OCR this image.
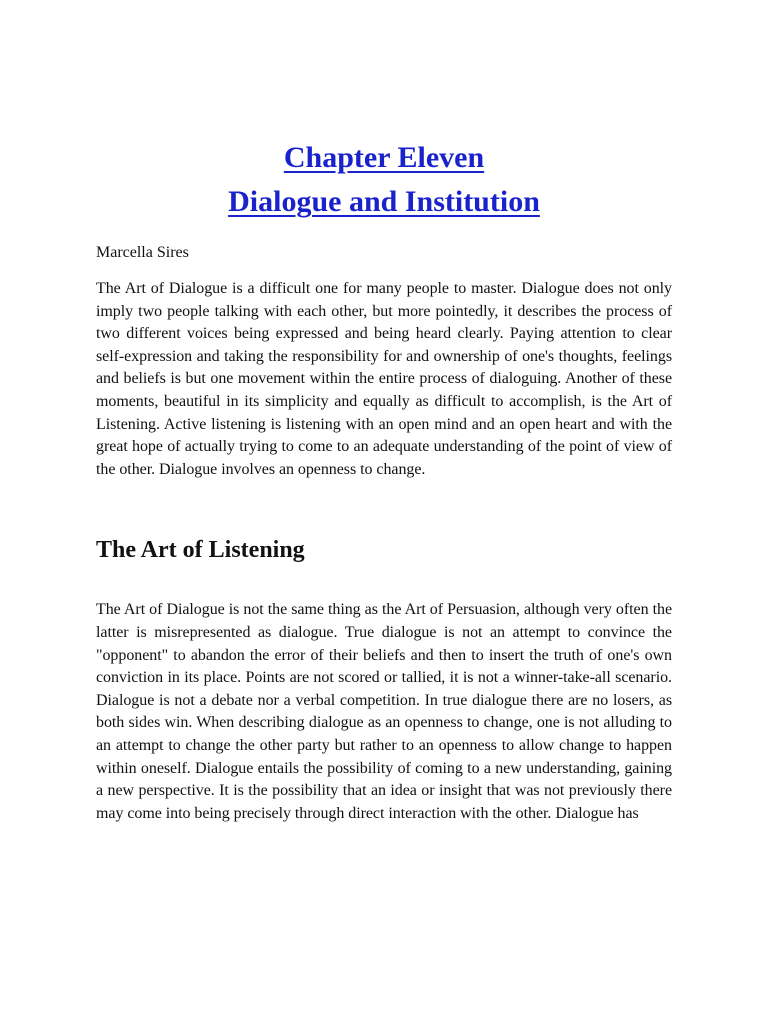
Chapter Eleven
Dialogue and Institution
Marcella Sires
The Art of Dialogue is a difficult one for many people to master. Dialogue does not only imply two people talking with each other, but more pointedly, it describes the process of two different voices being expressed and being heard clearly. Paying attention to clear self-expression and taking the responsibility for and ownership of one's thoughts, feelings and beliefs is but one movement within the entire process of dialoguing. Another of these moments, beautiful in its simplicity and equally as difficult to accomplish, is the Art of Listening. Active listening is listening with an open mind and an open heart and with the great hope of actually trying to come to an adequate understanding of the point of view of the other. Dialogue involves an openness to change.
The Art of Listening
The Art of Dialogue is not the same thing as the Art of Persuasion, although very often the latter is misrepresented as dialogue. True dialogue is not an attempt to convince the "opponent" to abandon the error of their beliefs and then to insert the truth of one's own conviction in its place. Points are not scored or tallied, it is not a winner-take-all scenario. Dialogue is not a debate nor a verbal competition. In true dialogue there are no losers, as both sides win. When describing dialogue as an openness to change, one is not alluding to an attempt to change the other party but rather to an openness to allow change to happen within oneself. Dialogue entails the possibility of coming to a new understanding, gaining a new perspective. It is the possibility that an idea or insight that was not previously there may come into being precisely through direct interaction with the other. Dialogue has
